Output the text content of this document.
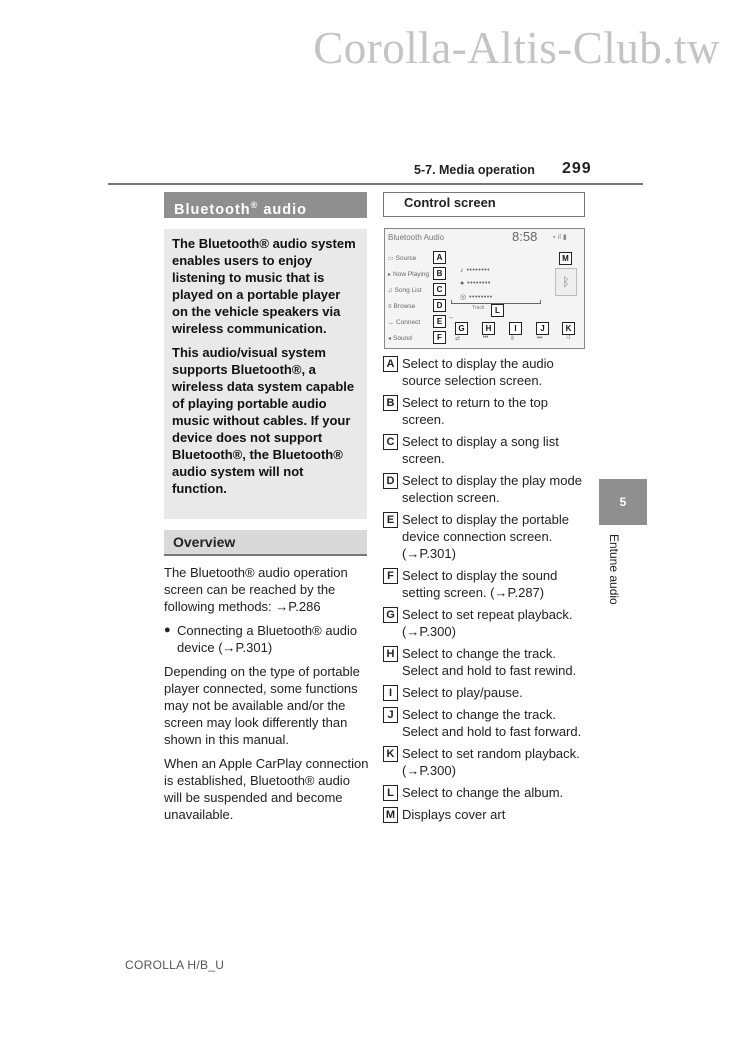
Corolla-Altis-Club.tw
5-7. Media operation 299
Bluetooth® audio

The Bluetooth® audio system enables users to enjoy listening to music that is played on a portable player on the vehicle speakers via wireless communication.

This audio/visual system supports Bluetooth®, a wireless data system capable of playing portable audio music without cables. If your device does not support Bluetooth®, the Bluetooth® audio system will not function.

Overview

The Bluetooth® audio operation screen can be reached by the following methods: →P.286

● Connecting a Bluetooth® audio device (→P.301)

Depending on the type of portable player connected, some functions may not be available and/or the screen may look differently than shown in this manual.

When an Apple CarPlay connection is established, Bluetooth® audio will be suspended and become unavailable.

Control screen
Bluetooth Audio	8:58 ▪ ıl ▮
▭ Source
▸ Now Playing
♫ Song List
≡ Browse
↔ Connect
◂ Sound
♪ ••••••••
● ••••••••
◎ ••••••••
Track
ᛒ
→
⇄	⏮	Ⅱ	⏭	⤨
A
B
C
D
E
F
G	H	I	J	K
L
M
A Select to display the audio source selection screen.
B Select to return to the top screen.
C Select to display a song list screen.
D Select to display the play mode selection screen.
E Select to display the portable device connection screen. (→P.301)
F Select to display the sound setting screen. (→P.287)
G Select to set repeat playback. (→P.300)
H Select to change the track. Select and hold to fast rewind.
I Select to play/pause.
J Select to change the track. Select and hold to fast forward.
K Select to set random playback. (→P.300)
L Select to change the album.
M Displays cover art
5
Entune audio
COROLLA H/B_U
